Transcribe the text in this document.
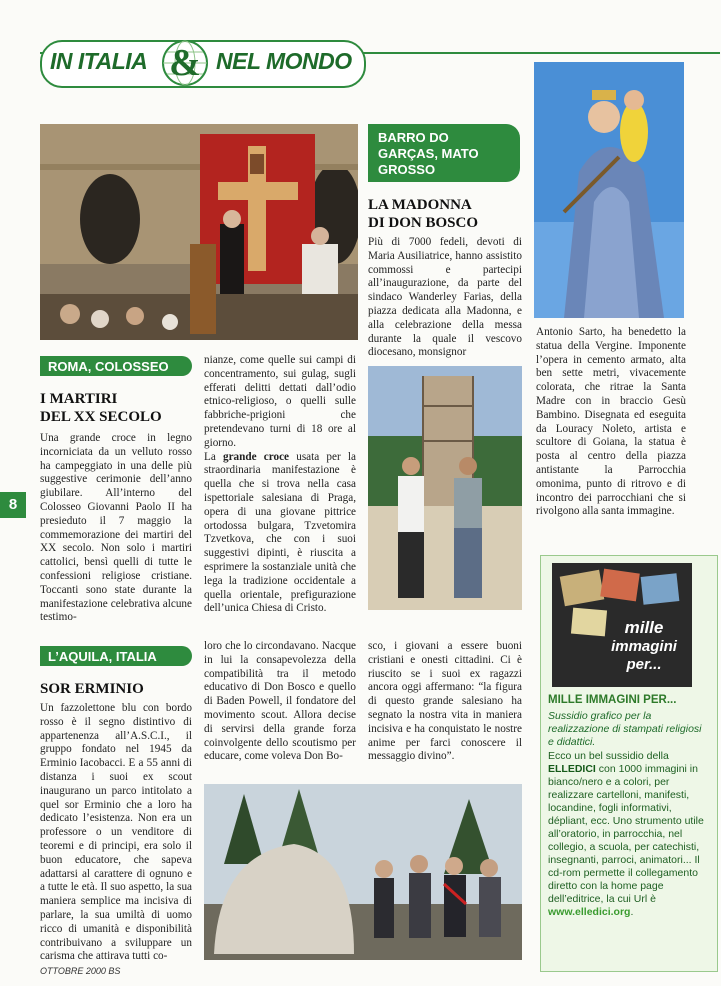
IN ITALIA & NEL MONDO
ROMA, COLOSSEO
I MARTIRI
DEL XX SECOLO
Una grande croce in legno incorniciata da un velluto rosso ha campeggiato in una delle più suggestive cerimonie dell’anno giubilare. All’interno del Colosseo Giovanni Paolo II ha presieduto il 7 maggio la commemorazione dei martiri del XX secolo. Non solo i martiri cattolici, bensì quelli di tutte le confessioni religiose cristiane. Toccanti sono state durante la manifestazione celebrativa alcune testimo-
nianze, come quelle sui campi di concentramento, sui gulag, sugli efferati delitti dettati dall’odio etnico-religioso, o quelli sulle fabbriche-prigioni che pretendevano turni di 18 ore al giorno.
La grande croce usata per la straordinaria manifestazione è quella che si trova nella casa ispettoriale salesiana di Praga, opera di una giovane pittrice ortodossa bulgara, Tzvetomira Tzvetkova, che con i suoi suggestivi dipinti, è riuscita a esprimere la sostanziale unità che lega la tradizione occidentale a quella orientale, prefigurazione dell’unica Chiesa di Cristo.
BARRO DO
GARÇAS, MATO
GROSSO
LA MADONNA
DI DON BOSCO
Più di 7000 fedeli, devoti di Maria Ausiliatrice, hanno assistito commossi e partecipi all’inaugurazione, da parte del sindaco Wanderley Farias, della piazza dedicata alla Madonna, e alla celebrazione della messa durante la quale il vescovo diocesano, monsignor
Antonio Sarto, ha benedetto la statua della Vergine. Imponente l’opera in cemento armato, alta ben sette metri, vivacemente colorata, che ritrae la Santa Madre con in braccio Gesù Bambino. Disegnata ed eseguita da Louracy Noleto, artista e scultore di Goiana, la statua è posta al centro della piazza antistante la Parrocchia omonima, punto di ritrovo e di incontro dei parrocchiani che si rivolgono alla santa immagine.
8
L’AQUILA, ITALIA
SOR ERMINIO
Un fazzolettone blu con bordo rosso è il segno distintivo di appartenenza all’A.S.C.I., il gruppo fondato nel 1945 da Erminio Iacobacci. E a 55 anni di distanza i suoi ex scout inaugurano un parco intitolato a quel sor Erminio che a loro ha dedicato l’esistenza. Non era un professore o un venditore di teoremi e di principi, era solo il buon educatore, che sapeva adattarsi al carattere di ognuno e a tutte le età. Il suo aspetto, la sua maniera semplice ma incisiva di parlare, la sua umiltà di uomo ricco di umanità e disponibilità contribuivano a sviluppare un carisma che attirava tutti co-
loro che lo circondavano. Nacque in lui la consapevolezza della compatibilità tra il metodo educativo di Don Bosco e quello di Baden Powell, il fondatore del movimento scout. Allora decise di servirsi della grande forza coinvolgente dello scoutismo per educare, come voleva Don Bo-
sco, i giovani a essere buoni cristiani e onesti cittadini. Ci è riuscito se i suoi ex ragazzi ancora oggi affermano: “la figura di questo grande salesiano ha segnato la nostra vita in maniera incisiva e ha conquistato le nostre anime per farci conoscere il messaggio divino”.
mille
immagini
per...
MILLE IMMAGINI PER...
Sussidio grafico per la realizzazione di stampati religiosi e didattici.
Ecco un bel sussidio della ELLEDICI con 1000 immagini in bianco/nero e a colori, per realizzare cartelloni, manifesti, locandine, fogli informativi, dépliant, ecc. Uno strumento utile all’oratorio, in parrocchia, nel collegio, a scuola, per catechisti, insegnanti, parroci, animatori... Il cd-rom permette il collegamento diretto con la home page dell’editrice, la cui Url è www.elledici.org.
OTTOBRE 2000 BS
